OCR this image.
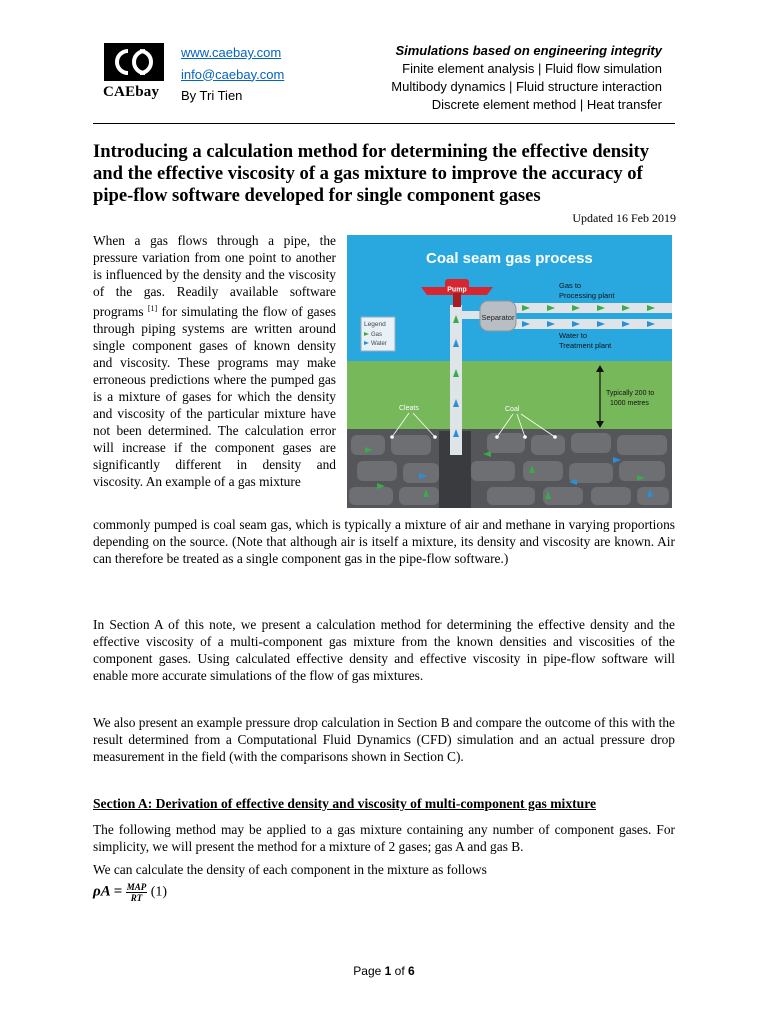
CAEbay
www.caebay.com
info@caebay.com
By Tri Tien
Simulations based on engineering integrity
Finite element analysis | Fluid flow simulation
Multibody dynamics | Fluid structure interaction
Discrete element method | Heat transfer
Introducing a calculation method for determining the effective density and the effective viscosity of a gas mixture to improve the accuracy of pipe-flow software developed for single component gases
Updated 16 Feb 2019
When a gas flows through a pipe, the pressure variation from one point to another is influenced by the density and the viscosity of the gas. Readily available software programs [1] for simulating the flow of gases through piping systems are written around single component gases of known density and viscosity. These programs may make erroneous predictions where the pumped gas is a mixture of gases for which the density and viscosity of the particular mixture have not been determined. The calculation error will increase if the component gases are significantly different in density and viscosity. An example of a gas mixture
Separator
Pump
Coal seam gas process
Gas to
Processing plant
Water to
Treatment plant
Legend
Gas
Water
Typically 200 to
1000 metres
Cleats	Coal
commonly pumped is coal seam gas, which is typically a mixture of air and methane in varying proportions depending on the source. (Note that although air is itself a mixture, its density and viscosity are known. Air can therefore be treated as a single component gas in the pipe-flow software.)
In Section A of this note, we present a calculation method for determining the effective density and the effective viscosity of a multi-component gas mixture from the known densities and viscosities of the component gases. Using calculated effective density and effective viscosity in pipe-flow software will enable more accurate simulations of the flow of gas mixtures.
We also present an example pressure drop calculation in Section B and compare the outcome of this with the result determined from a Computational Fluid Dynamics (CFD) simulation and an actual pressure drop measurement in the field (with the comparisons shown in Section C).
Section A: Derivation of effective density and viscosity of multi-component gas mixture
The following method may be applied to a gas mixture containing any number of component gases. For simplicity, we will present the method for a mixture of 2 gases; gas A and gas B.
We can calculate the density of each component in the mixture as follows
$\rho A = \frac{\text{MAP}}{RT} (1)$
Page 1 of 6
